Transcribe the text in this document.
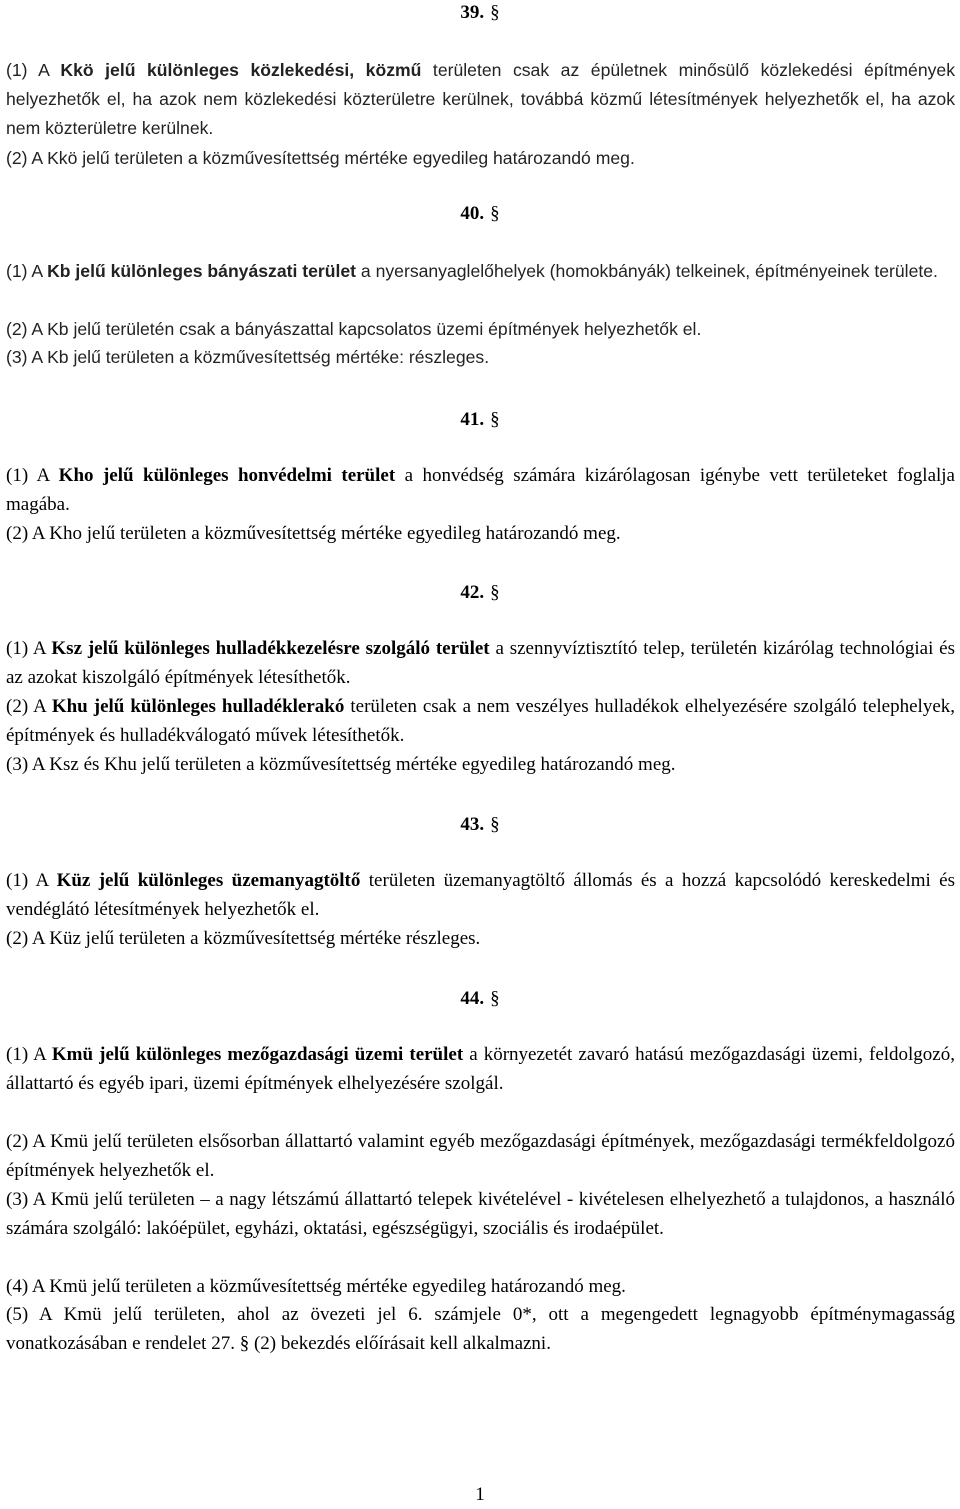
39. §
(1) A Kkö jelű különleges közlekedési, közmű területen csak az épületnek minősülő közlekedési építmények helyezhetők el, ha azok nem közlekedési közterületre kerülnek, továbbá közmű létesítmények helyezhetők el, ha azok nem közterületre kerülnek.
(2) A Kkö jelű területen a közművesítettség mértéke egyedileg határozandó meg.
40. §
(1) A Kb jelű különleges bányászati terület a nyersanyaglelőhelyek (homokbányák) telkeinek, építményeinek területe.
(2) A Kb jelű területén csak a bányászattal kapcsolatos üzemi építmények helyezhetők el.
(3) A Kb jelű területen a közművesítettség mértéke: részleges.
41. §
(1) A Kho jelű különleges honvédelmi terület a honvédség számára kizárólagosan igénybe vett területeket foglalja magába.
(2) A Kho jelű területen a közművesítettség mértéke egyedileg határozandó meg.
42. §
(1) A Ksz jelű különleges hulladékkezelésre szolgáló terület a szennyvíztisztító telep, területén kizárólag technológiai és az azokat kiszolgáló építmények létesíthetők.
(2) A Khu jelű különleges hulladéklerakó területen csak a nem veszélyes hulladékok elhelyezésére szolgáló telephelyek, építmények és hulladékválogató művek létesíthetők.
(3) A Ksz és Khu jelű területen a közművesítettség mértéke egyedileg határozandó meg.
43. §
(1) A Küz jelű különleges üzemanyagtöltő területen üzemanyagtöltő állomás és a hozzá kapcsolódó kereskedelmi és vendéglátó létesítmények helyezhetők el.
(2) A Küz jelű területen a közművesítettség mértéke részleges.
44. §
(1) A Kmü jelű különleges mezőgazdasági üzemi terület a környezetét zavaró hatású mezőgazdasági üzemi, feldolgozó, állattartó és egyéb ipari, üzemi építmények elhelyezésére szolgál.
(2) A Kmü jelű területen elsősorban állattartó valamint egyéb mezőgazdasági építmények, mezőgazdasági termékfeldolgozó építmények helyezhetők el.
(3) A Kmü jelű területen – a nagy létszámú állattartó telepek kivételével - kivételesen elhelyezhető a tulajdonos, a használó számára szolgáló: lakóépület, egyházi, oktatási, egészségügyi, szociális és irodaépület.
(4) A Kmü jelű területen a közművesítettség mértéke egyedileg határozandó meg.
(5) A Kmü jelű területen, ahol az övezeti jel 6. számjele 0*, ott a megengedett legnagyobb építménymagasság vonatkozásában e rendelet 27. § (2) bekezdés előírásait kell alkalmazni.
1
